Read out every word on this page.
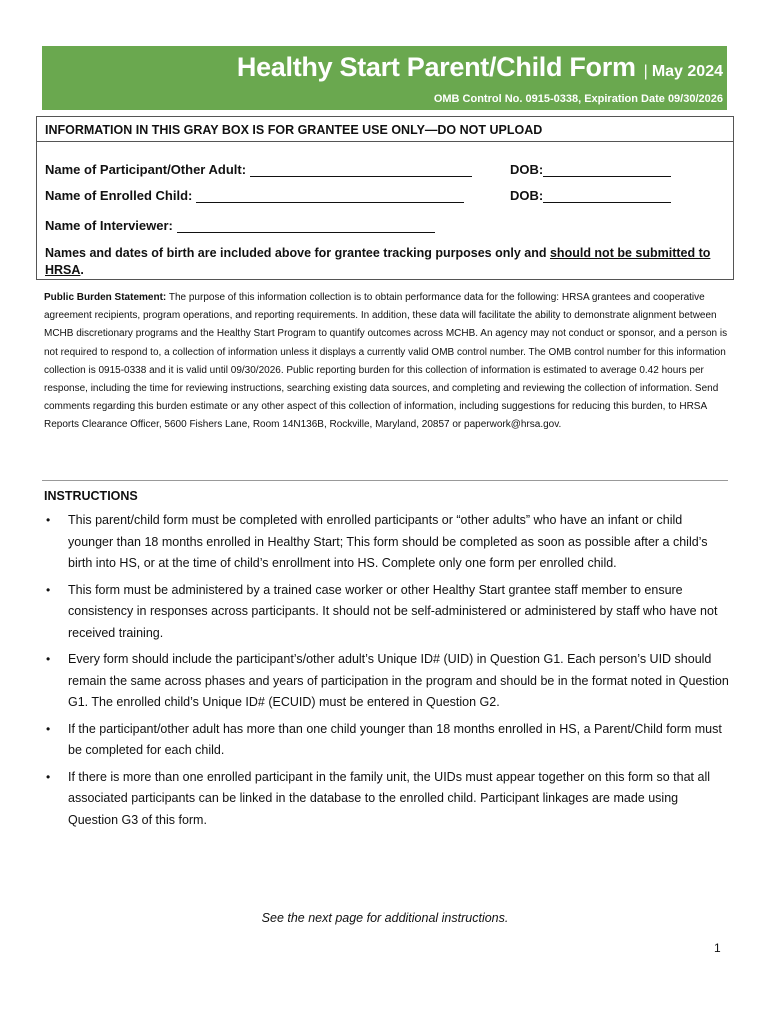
Healthy Start Parent/Child Form | May 2024
OMB Control No. 0915-0338, Expiration Date 09/30/2026
INFORMATION IN THIS GRAY BOX IS FOR GRANTEE USE ONLY—DO NOT UPLOAD
Name of Participant/Other Adult:	DOB:
Name of Enrolled Child:	DOB:
Name of Interviewer:
Names and dates of birth are included above for grantee tracking purposes only and should not be submitted to HRSA.
Public Burden Statement: The purpose of this information collection is to obtain performance data for the following: HRSA grantees and cooperative agreement recipients, program operations, and reporting requirements. In addition, these data will facilitate the ability to demonstrate alignment between MCHB discretionary programs and the Healthy Start Program to quantify outcomes across MCHB. An agency may not conduct or sponsor, and a person is not required to respond to, a collection of information unless it displays a currently valid OMB control number. The OMB control number for this information collection is 0915-0338 and it is valid until 09/30/2026. Public reporting burden for this collection of information is estimated to average 0.42 hours per response, including the time for reviewing instructions, searching existing data sources, and completing and reviewing the collection of information. Send comments regarding this burden estimate or any other aspect of this collection of information, including suggestions for reducing this burden, to HRSA Reports Clearance Officer, 5600 Fishers Lane, Room 14N136B, Rockville, Maryland, 20857 or paperwork@hrsa.gov.
INSTRUCTIONS
• This parent/child form must be completed with enrolled participants or “other adults” who have an infant or child younger than 18 months enrolled in Healthy Start; This form should be completed as soon as possible after a child’s birth into HS, or at the time of child’s enrollment into HS. Complete only one form per enrolled child.
• This form must be administered by a trained case worker or other Healthy Start grantee staff member to ensure consistency in responses across participants. It should not be self-administered or administered by staff who have not received training.
• Every form should include the participant’s/other adult’s Unique ID# (UID) in Question G1. Each person’s UID should remain the same across phases and years of participation in the program and should be in the format noted in Question G1. The enrolled child’s Unique ID# (ECUID) must be entered in Question G2.
• If the participant/other adult has more than one child younger than 18 months enrolled in HS, a Parent/Child form must be completed for each child.
• If there is more than one enrolled participant in the family unit, the UIDs must appear together on this form so that all associated participants can be linked in the database to the enrolled child. Participant linkages are made using Question G3 of this form.
See the next page for additional instructions.
1
